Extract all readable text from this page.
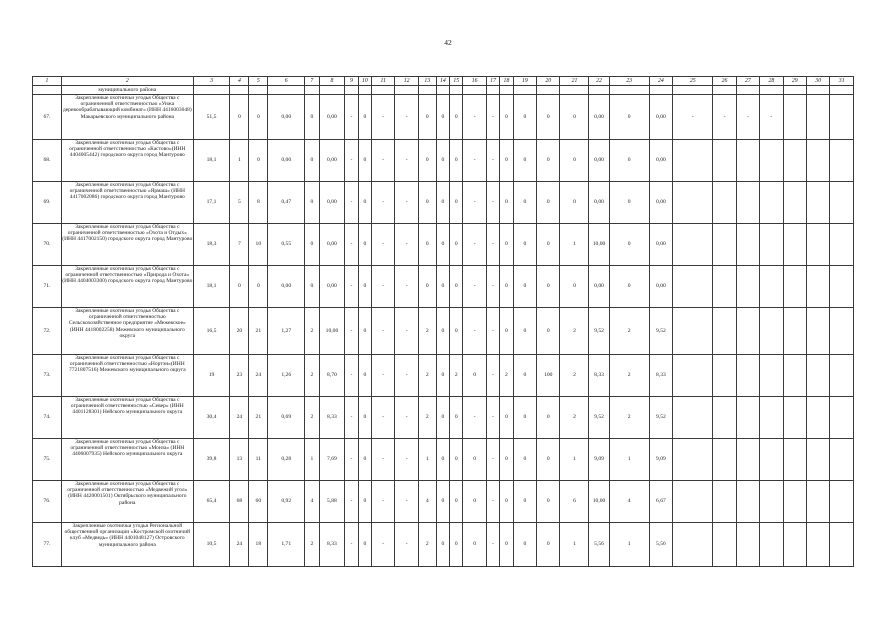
42
1	2	3	4	5	6	7	8	9	10	11	12	13	14	15	16	17	18	19	20	21	22	23	24	25	26	27	28	29	30	31
	муниципального района																													
67.	Закрепленные охотничьи угодья Общества с ограниченной ответственностью «Унжа деревообрабатывающий комбинат» (ИНН 4416003048) Макарьевского муниципального района	51,5	0	0	0,00	0	0,00	-	0	-	-	0	0	0	-	-	0	0	0	0	0,00	0	0,00	-	-	-	-			
68.	Закрепленные охотничьи угодья Общества с ограниченной ответственностью «Кастово»(ИНН 4404005442) городского округа город Мантурово	18,1	1	0	0,00	0	0,00	-	0	-	-	0	0	0	-	-	0	0	0	0	0,00	0	0,00							
69.	Закрепленные охотничьи угодья Общества с ограниченной ответственностью «Ярмаш» (ИНН 4417002086) городского округа город Мантурово	17,1	5	8	0,47	0	0,00	-	0	-	-	0	0	0	-	-	0	0	0	0	0,00	0	0,00							
70.	Закрепленные охотничьи угодья Общества с ограниченной ответственностью «Охота и Отдых» (ИНН 4417002150) городского округа город Мантурово	18,3	7	10	0,55	0	0,00	-	0	-	-	0	0	0	-	-	0	0	0	1	10,00	0	0,00							
71.	Закрепленные охотничьи угодья Общества с ограниченной ответственностью «Природа и Охота» (ИНН 4404003300) городского округа город Мантурово	18,1	0	0	0,00	0	0,00	-	0	-	-	0	0	0	-	-	0	0	0	0	0,00	0	0,00							
72.	Закрепленные охотничьи угодья Общества с ограниченной ответственностью Сельскохозяйственное предприятие «Межевское» (ИНН 4418002258) Межевского муниципального округа	16,5	20	21	1,27	2	10,00	-	0	-	-	2	0	0	-	-	0	0	0	2	9,52	2	9,52							
73.	Закрепленные охотничьи угодья Общества с ограниченной ответственностью «Нортэн»(ИНН 7721807516) Межевского муниципального округа	19	23	24	1,26	2	8,70	-	0	-	-	2	0	2	0	-	2	0	100	2	8,33	2	8,33							
74.	Закрепленные охотничьи угодья Общества с ограниченной ответственностью «Север» (ИНН 4401128301) Нейского муниципального округа	30,4	24	21	0,69	2	8,33	-	0	-	-	2	0	0	-	-	0	0	0	2	9,52	2	9,52							
75.	Закрепленные охотничьи угодья Общества с ограниченной ответственностью «Монза» (ИНН 4406007935) Нейского муниципального округа	39,8	13	11	0,28	1	7,69	-	0	-	-	1	0	0	0	-	0	0	0	1	9,09	1	9,09							
76.	Закрепленные охотничьи угодья Общества с ограниченной ответственностью «Медвежий угол» (ИНН 4420001501) Октябрьского муниципального района	65,4	68	60	0,92	4	5,88	-	0	-	-	4	0	0	0	-	0	0	0	6	10,00	4	6,67							
77.	Закрепленные охотничьи угодья Региональной общественной организации «Костромской охотничий клуб «Медведь» (ИНН 4401048127) Островского муниципального района	10,5	24	18	1,71	2	8,33	-	0	-	-	2	0	0	0	-	0	0	0	1	5,56	1	5,56							
